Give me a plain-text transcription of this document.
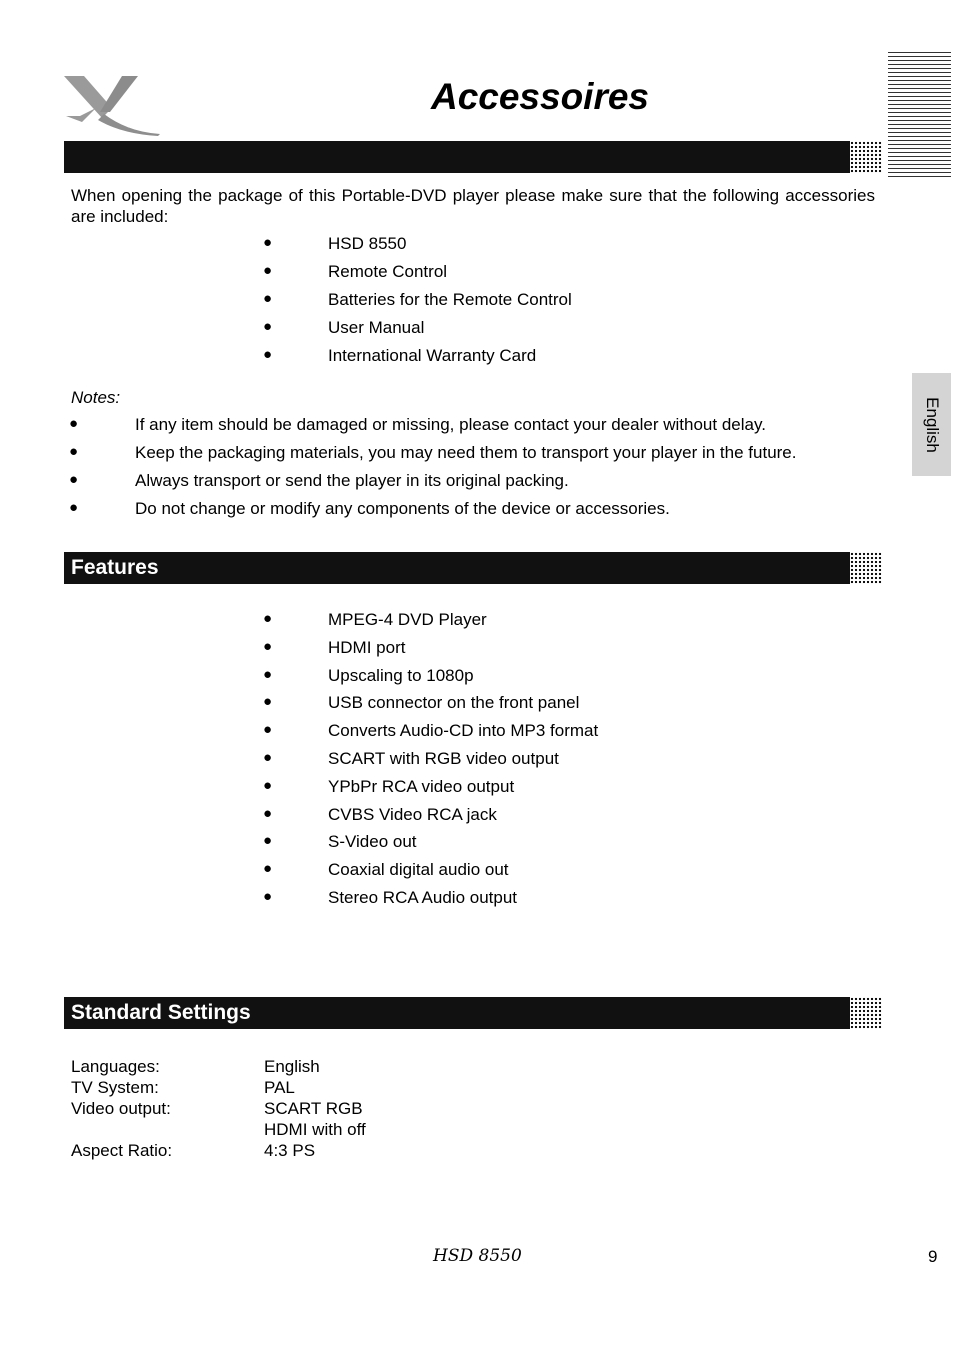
Accessoires
English
When opening the package of this Portable-DVD player please make sure that the following accessories are included:
●	HSD 8550
●	Remote Control
●	Batteries for the Remote Control
●	User Manual
●	International Warranty Card
Notes:
●	If any item should be damaged or missing, please contact your dealer without delay.
●	Keep the packaging materials, you may need them to transport your player in the future.
●	Always transport or send the player in its original packing.
●	Do not change or modify any components of the device or accessories.
Features
●	MPEG-4 DVD Player
●	HDMI port
●	Upscaling to 1080p
●	USB connector on the front panel
●	Converts Audio-CD into MP3 format
●	SCART with RGB video output
●	YPbPr RCA video output
●	CVBS Video RCA jack
●	S-Video out
●	Coaxial digital audio out
●	Stereo RCA Audio output
Standard Settings
Languages:	English
TV System:	PAL
Video output:	SCART RGB
HDMI with off
Aspect Ratio:	4:3 PS
HSD 8550	9
